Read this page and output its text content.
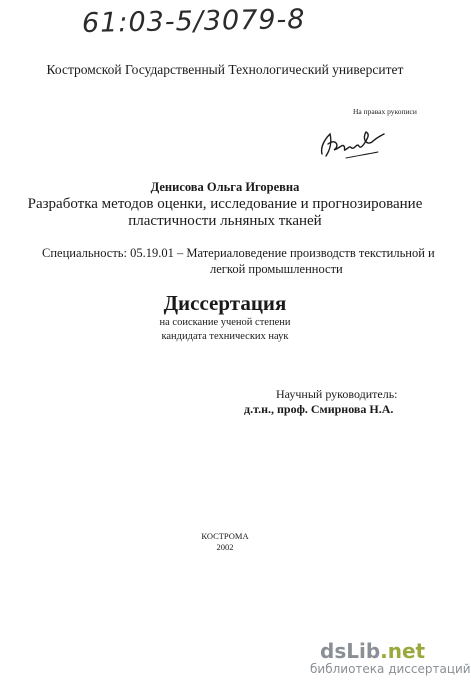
61:03-5/3079-8
Костромской Государственный Технологический университет
На правах рукописи
Денисова Ольга Игоревна
Разработка методов оценки, исследование и прогнозирование
пластичности льняных тканей
Специальность: 05.19.01 – Материаловедение производств текстильной и
легкой промышленности
Диссертация
на соискание ученой степени
кандидата технических наук
Научный руководитель:
д.т.н., проф. Смирнова Н.А.
КОСТРОМА
2002
dsLib.net
библиотека диссертаций
